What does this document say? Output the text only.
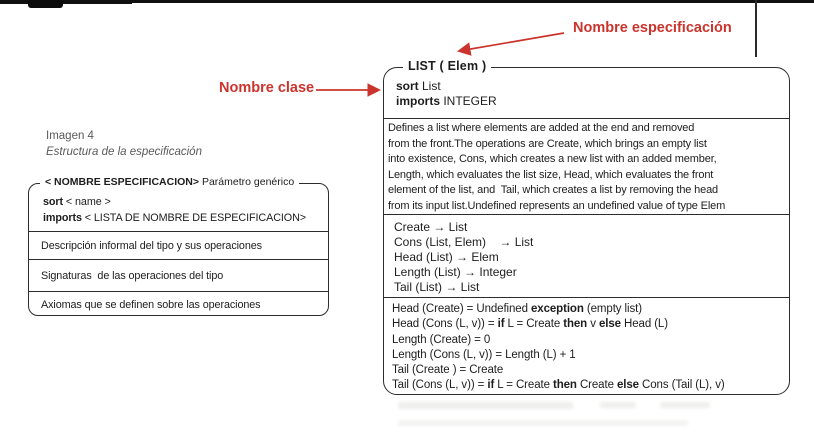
Imagen 4
Estructura de la especificación
Nombre especificación
Nombre clase
< NOMBRE ESPECIFICACION> Parámetro genérico
sort < name >
imports < LISTA DE NOMBRE DE ESPECIFICACION>
Descripción informal del tipo y sus operaciones
Signaturas  de las operaciones del tipo
Axiomas que se definen sobre las operaciones
LIST ( Elem )
sort List
imports INTEGER
Defines a list where elements are added at the end and removed
from the front.The operations are Create, which brings an empty list
into existence, Cons, which creates a new list with an added member,
Length, which evaluates the list size, Head, which evaluates the front
element of the list, and  Tail, which creates a list by removing the head
from its input list.Undefined represents an undefined value of type Elem
Create → List
Cons (List, Elem)    → List
Head (List) → Elem
Length (List) → Integer
Tail (List) → List
Head (Create) = Undefined exception (empty list)
Head (Cons (L, v)) = if L = Create then v else Head (L)
Length (Create) = 0
Length (Cons (L, v)) = Length (L) + 1
Tail (Create ) = Create
Tail (Cons (L, v)) = if L = Create then Create else Cons (Tail (L), v)
